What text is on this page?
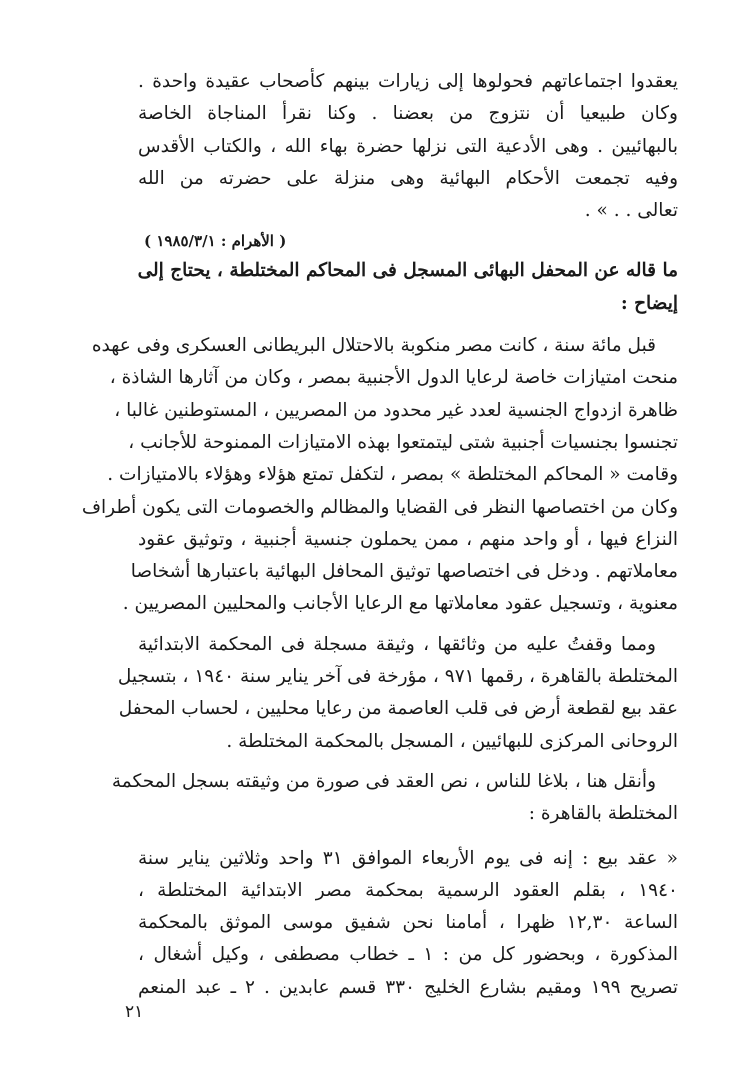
يعقدوا اجتماعاتهم فحولوها إلى زيارات بينهم كأصحاب عقيدة واحدة .
وكان طبيعيا أن نتزوج من بعضنا . وكنا نقرأ المناجاة الخاصة
بالبهائيين . وهى الأدعية التى نزلها حضرة بهاء الله ، والكتاب الأقدس
وفيه تجمعت الأحكام البهائية وهى منزلة على حضرته من الله
تعالى . . » .
( الأهرام : ١٩٨٥/٣/١ )
ما قاله عن المحفل البهائى المسجل فى المحاكم المختلطة ، يحتاج إلى
إيضاح :
قبل مائة سنة ، كانت مصر منكوبة بالاحتلال البريطانى العسكرى وفى عهده
منحت امتيازات خاصة لرعايا الدول الأجنبية بمصر ، وكان من آثارها الشاذة ،
ظاهرة ازدواج الجنسية لعدد غير محدود من المصريين ، المستوطنين غالبا ،
تجنسوا بجنسيات أجنبية شتى ليتمتعوا بهذه الامتيازات الممنوحة للأجانب ،
وقامت « المحاكم المختلطة » بمصر ، لتكفل تمتع هؤلاء وهؤلاء بالامتيازات .
وكان من اختصاصها النظر فى القضايا والمظالم والخصومات التى يكون أطراف
النزاع فيها ، أو واحد منهم ، ممن يحملون جنسية أجنبية ، وتوثيق عقود
معاملاتهم . ودخل فى اختصاصها توثيق المحافل البهائية باعتبارها أشخاصا
معنوية ، وتسجيل عقود معاملاتها مع الرعايا الأجانب والمحليين المصريين .
ومما وقفتُ عليه من وثائقها ، وثيقة مسجلة فى المحكمة الابتدائية
المختلطة بالقاهرة ، رقمها ٩٧١ ، مؤرخة فى آخر يناير سنة ١٩٤٠ ، بتسجيل
عقد بيع لقطعة أرض فى قلب العاصمة من رعايا محليين ، لحساب المحفل
الروحانى المركزى للبهائيين ، المسجل بالمحكمة المختلطة .
وأنقل هنا ، بلاغا للناس ، نص العقد فى صورة من وثيقته بسجل المحكمة
المختلطة بالقاهرة :
« عقد بيع : إنه فى يوم الأربعاء الموافق ٣١ واحد وثلاثين يناير سنة
١٩٤٠ ، بقلم العقود الرسمية بمحكمة مصر الابتدائية المختلطة ،
الساعة ١٢,٣٠ ظهرا ، أمامنا نحن شفيق موسى الموثق بالمحكمة
المذكورة ، وبحضور كل من : ١ ـ خطاب مصطفى ، وكيل أشغال ،
تصريح ١٩٩ ومقيم بشارع الخليج ٣٣٠ قسم عابدين . ٢ ـ عبد المنعم
٢١
